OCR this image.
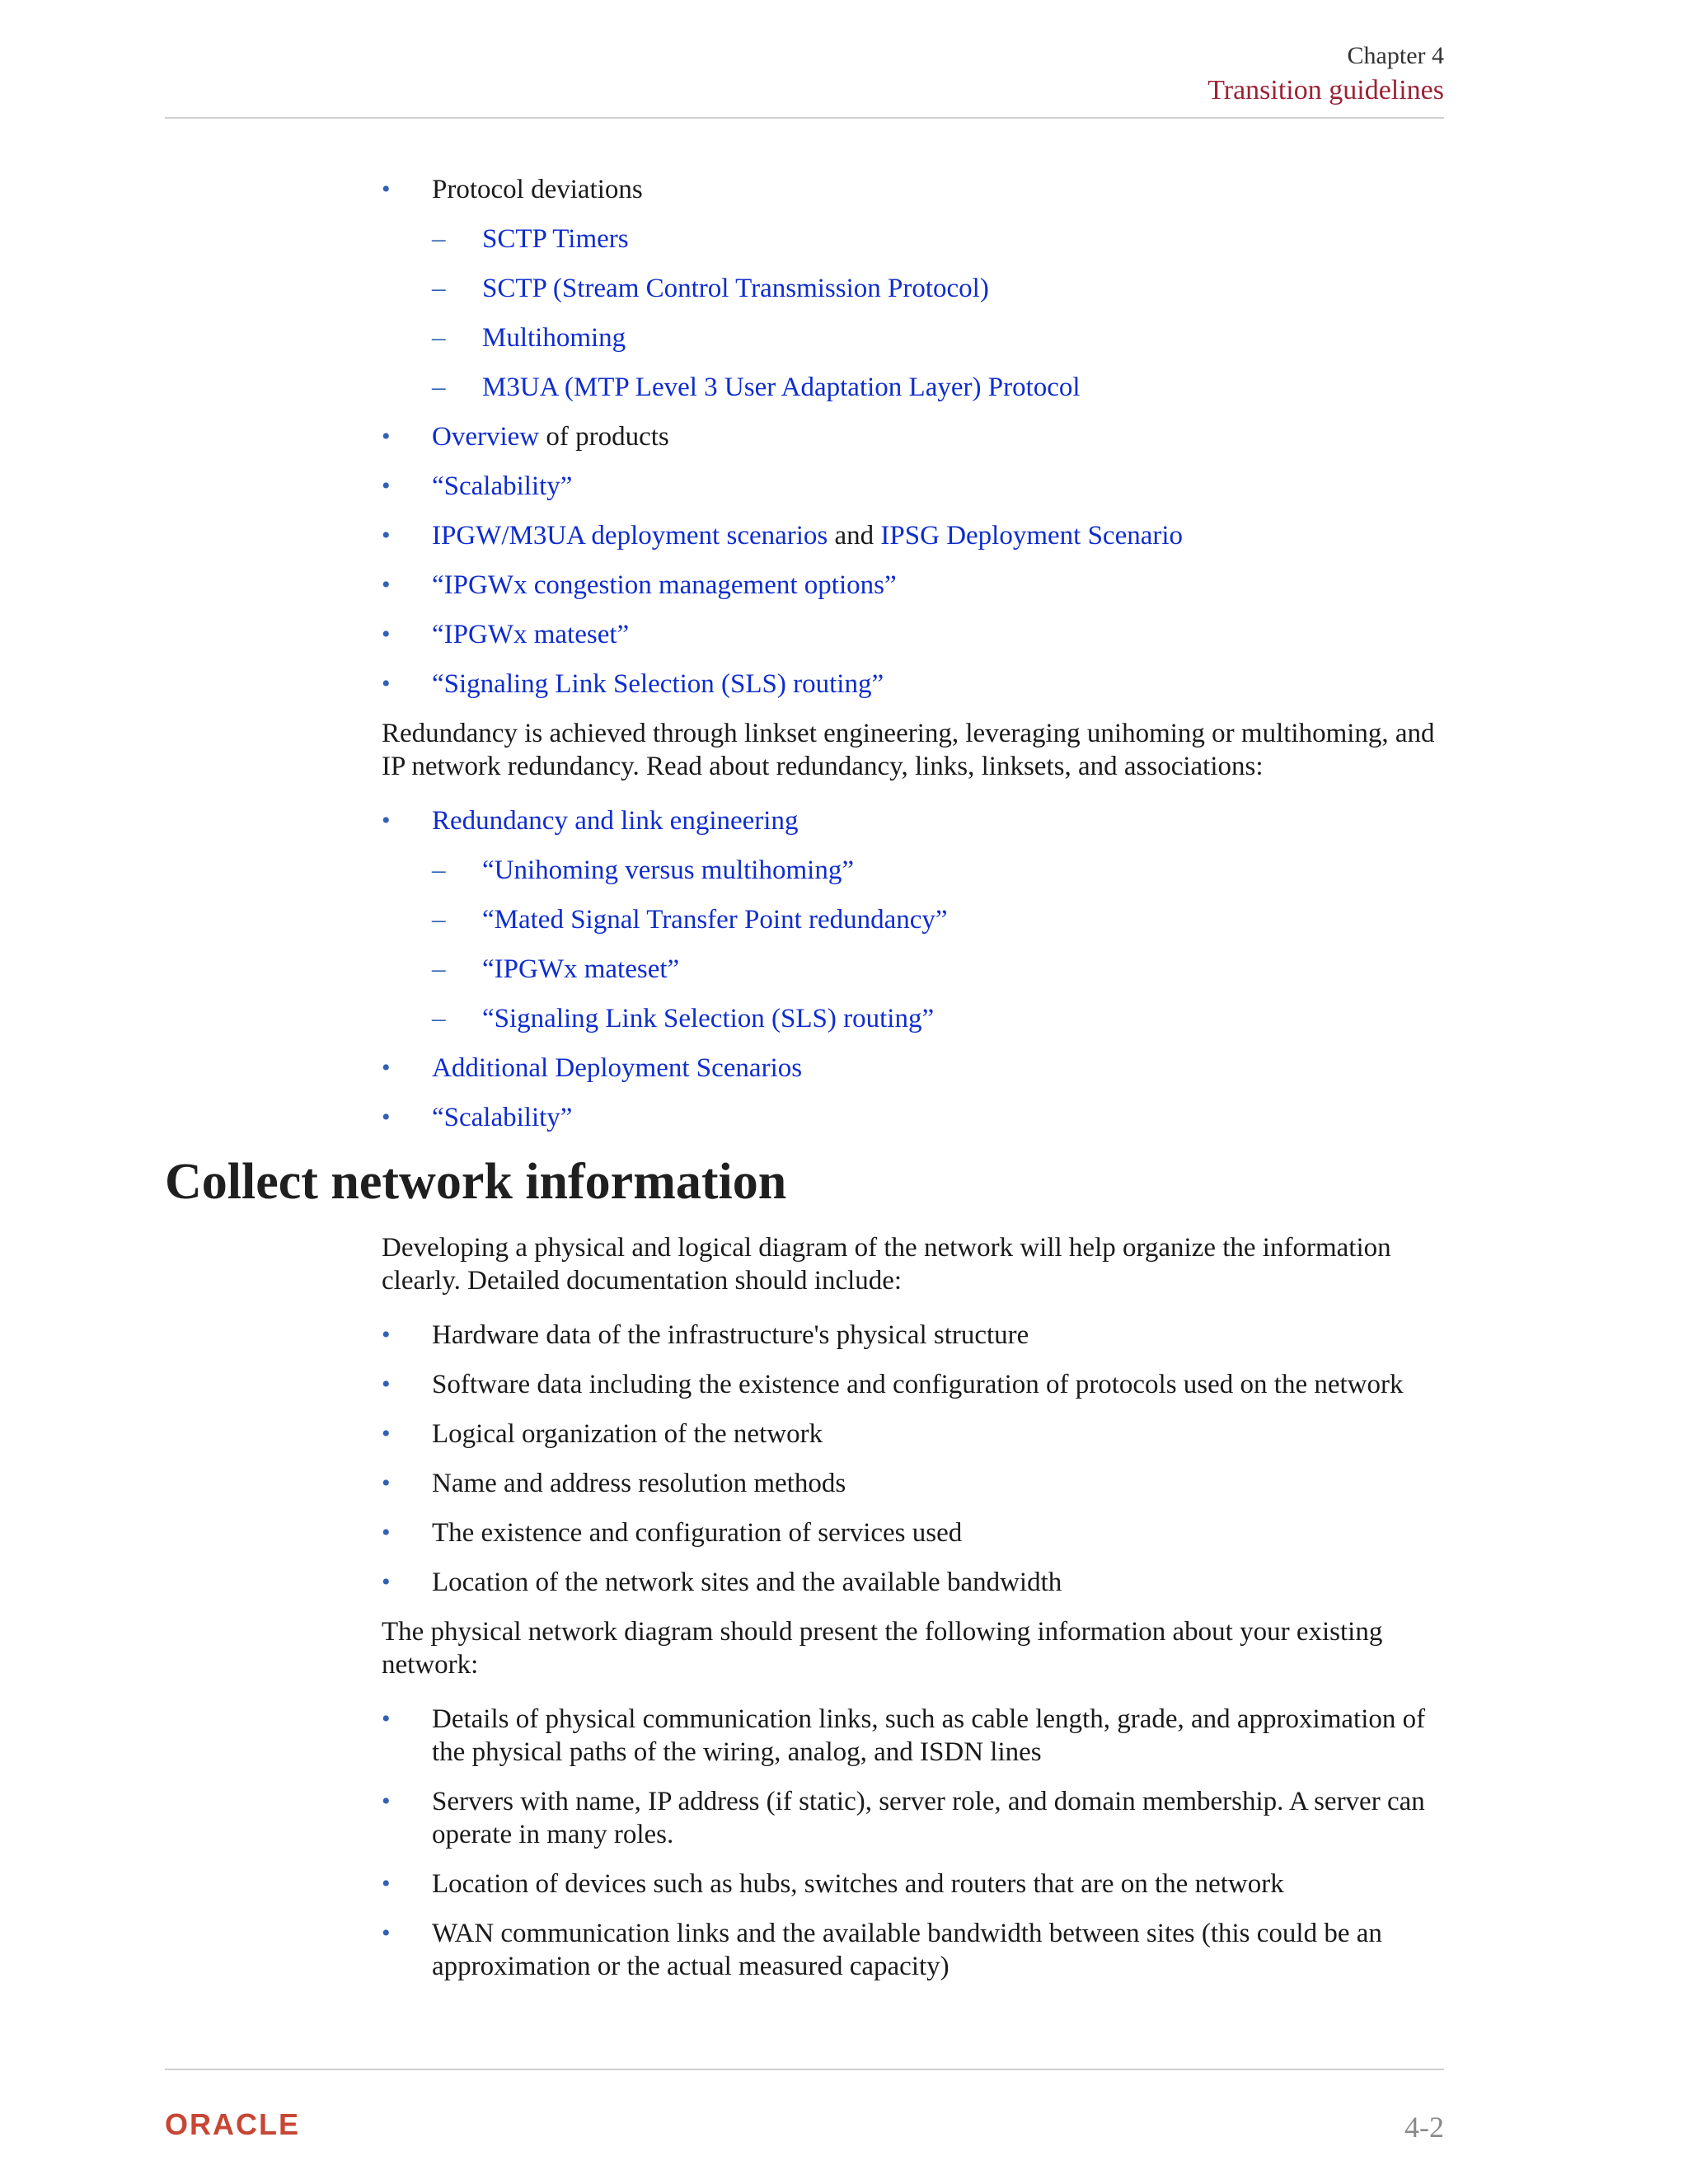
Chapter 4
Transition guidelines
• Protocol deviations
– SCTP Timers
– SCTP (Stream Control Transmission Protocol)
– Multihoming
– M3UA (MTP Level 3 User Adaptation Layer) Protocol
• Overview of products
• “Scalability”
• IPGW/M3UA deployment scenarios and IPSG Deployment Scenario
• “IPGWx congestion management options”
• “IPGWx mateset”
• “Signaling Link Selection (SLS) routing”

Redundancy is achieved through linkset engineering, leveraging unihoming or multihoming, and IP network redundancy. Read about redundancy, links, linksets, and associations:

• Redundancy and link engineering
– “Unihoming versus multihoming”
– “Mated Signal Transfer Point redundancy”
– “IPGWx mateset”
– “Signaling Link Selection (SLS) routing”
• Additional Deployment Scenarios
• “Scalability”
Collect network information

Developing a physical and logical diagram of the network will help organize the information clearly. Detailed documentation should include:

• Hardware data of the infrastructure's physical structure
• Software data including the existence and configuration of protocols used on the network
• Logical organization of the network
• Name and address resolution methods
• The existence and configuration of services used
• Location of the network sites and the available bandwidth

The physical network diagram should present the following information about your existing network:

• Details of physical communication links, such as cable length, grade, and approximation of the physical paths of the wiring, analog, and ISDN lines
• Servers with name, IP address (if static), server role, and domain membership. A server can operate in many roles.
• Location of devices such as hubs, switches and routers that are on the network
• WAN communication links and the available bandwidth between sites (this could be an approximation or the actual measured capacity)
ORACLE	4-2
